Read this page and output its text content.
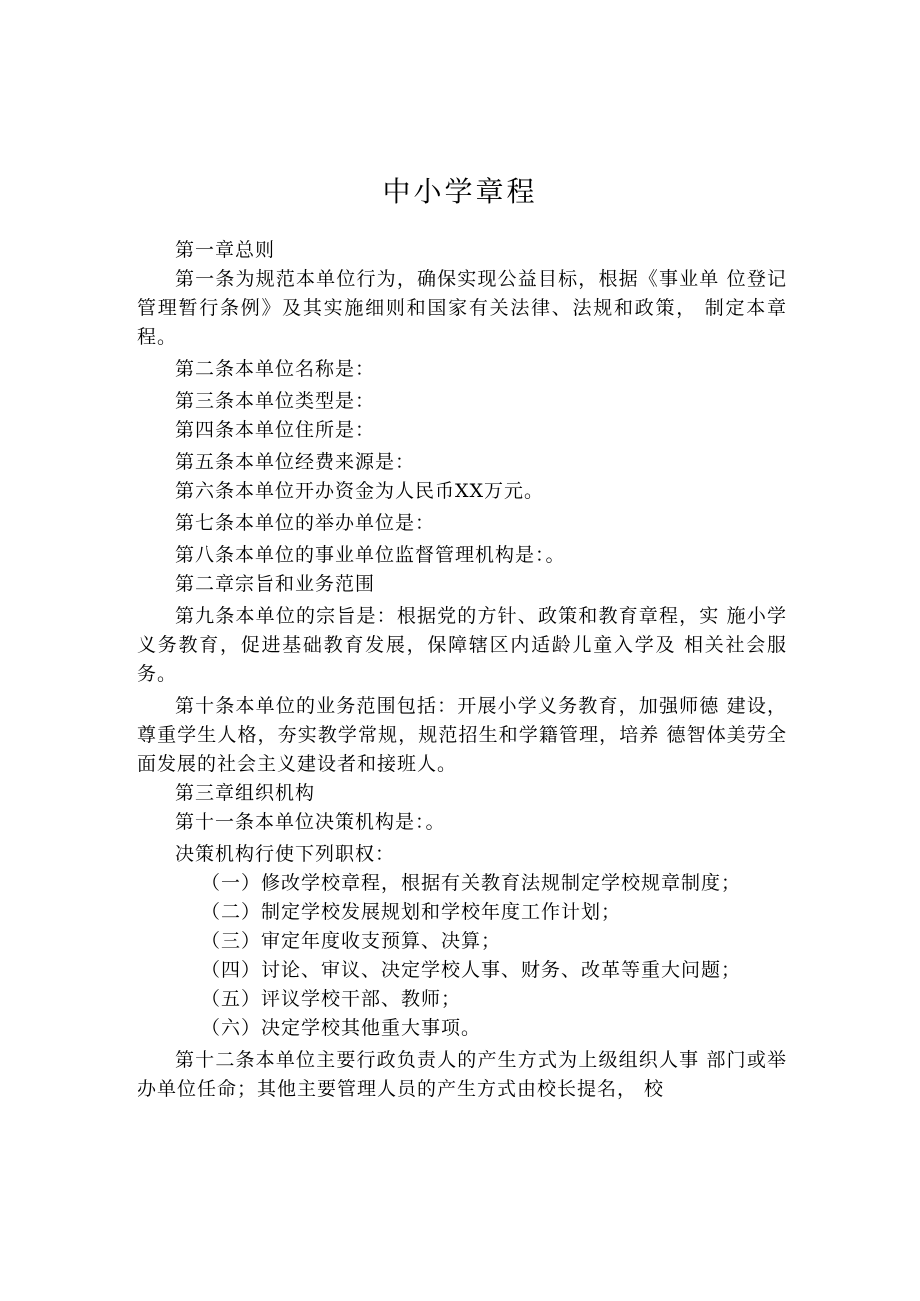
中小学章程

第一章总则

第一条为规范本单位行为，确保实现公益目标，根据《事业单 位登记管理暂行条例》及其实施细则和国家有关法律、法规和政策， 制定本章程。

第二条本单位名称是：

第三条本单位类型是：

第四条本单位住所是：

第五条本单位经费来源是：

第六条本单位开办资金为人民币XX万元。

第七条本单位的举办单位是：

第八条本单位的事业单位监督管理机构是：。

第二章宗旨和业务范围

第九条本单位的宗旨是：根据党的方针、政策和教育章程，实 施小学义务教育，促进基础教育发展，保障辖区内适龄儿童入学及 相关社会服务。

第十条本单位的业务范围包括：开展小学义务教育，加强师德 建设，尊重学生人格，夯实教学常规，规范招生和学籍管理，培养 德智体美劳全面发展的社会主义建设者和接班人。

第三章组织机构

第十一条本单位决策机构是：。

决策机构行使下列职权：

（一）修改学校章程，根据有关教育法规制定学校规章制度；

（二）制定学校发展规划和学校年度工作计划；

（三）审定年度收支预算、决算；

（四）讨论、审议、决定学校人事、财务、改革等重大问题；

（五）评议学校干部、教师；

（六）决定学校其他重大事项。

第十二条本单位主要行政负责人的产生方式为上级组织人事 部门或举办单位任命；其他主要管理人员的产生方式由校长提名， 校
